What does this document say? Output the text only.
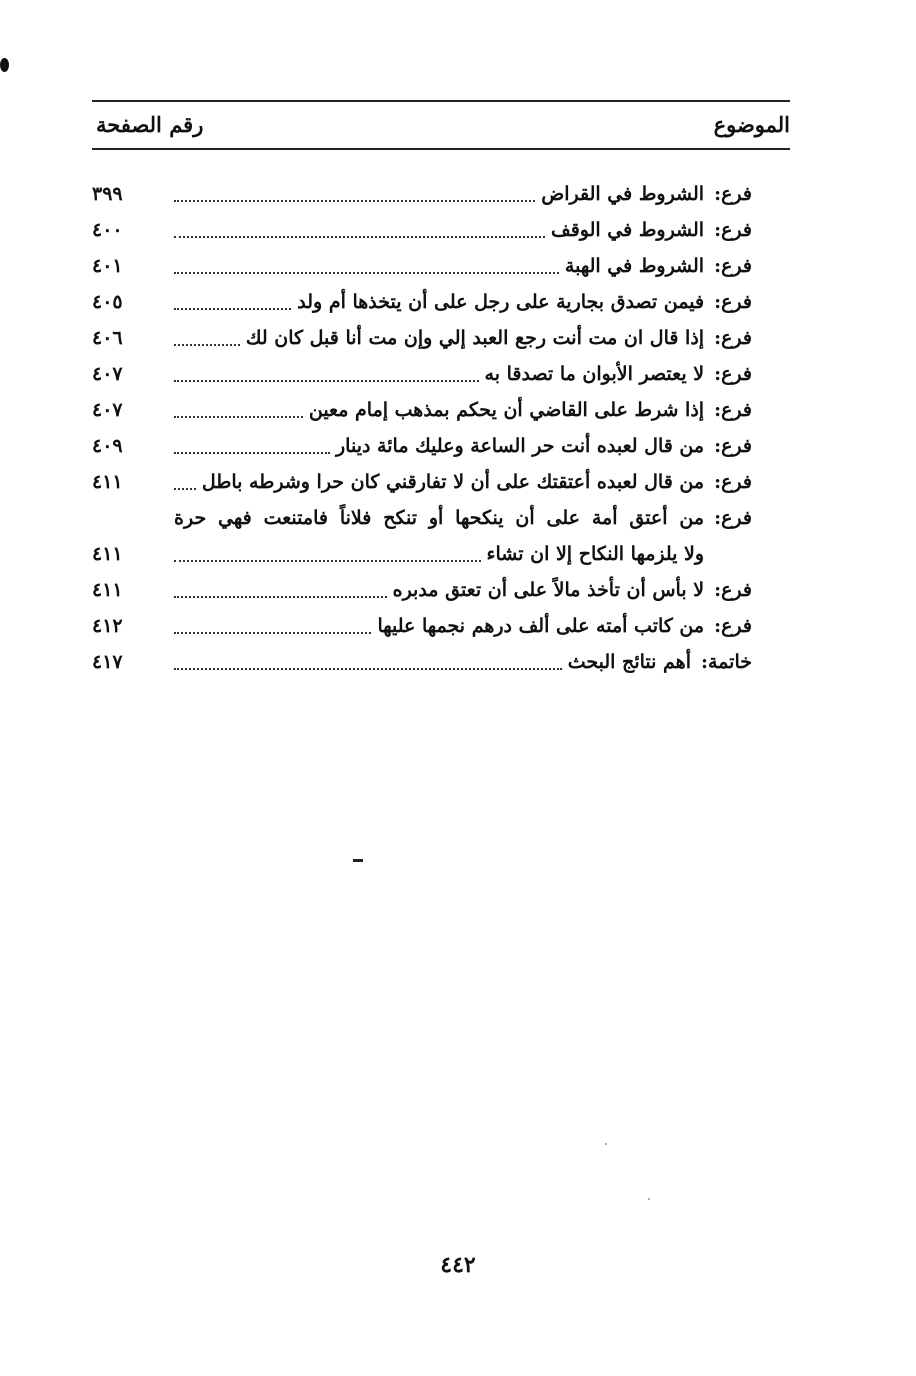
الموضوع
رقم الصفحة
فرع:
الشروط في القراض
٣٩٩
فرع:
الشروط في الوقف
٤٠٠
فرع:
الشروط في الهبة
٤٠١
فرع:
فيمن تصدق بجارية على رجل على أن يتخذها أم ولد
٤٠٥
فرع:
إذا قال ان مت أنت رجع العبد إلي وإن مت أنا قبل كان لك
٤٠٦
فرع:
لا يعتصر الأبوان ما تصدقا به
٤٠٧
فرع:
إذا شرط على القاضي أن يحكم بمذهب إمام معين
٤٠٧
فرع:
من قال لعبده أنت حر الساعة وعليك مائة دينار
٤٠٩
فرع:
من قال لعبده أعتقتك على أن لا تفارقني كان حرا وشرطه باطل
٤١١
فرع:
من أعتق أمة على أن ينكحها أو تنكح فلاناً فامتنعت فهي حرة
ولا يلزمها النكاح إلا ان تشاء
٤١١
فرع:
لا بأس أن تأخذ مالاً على أن تعتق مدبره
٤١١
فرع:
من كاتب أمته على ألف درهم نجمها عليها
٤١٢
خاتمة:
أهم نتائج البحث
٤١٧
٤٤٢
